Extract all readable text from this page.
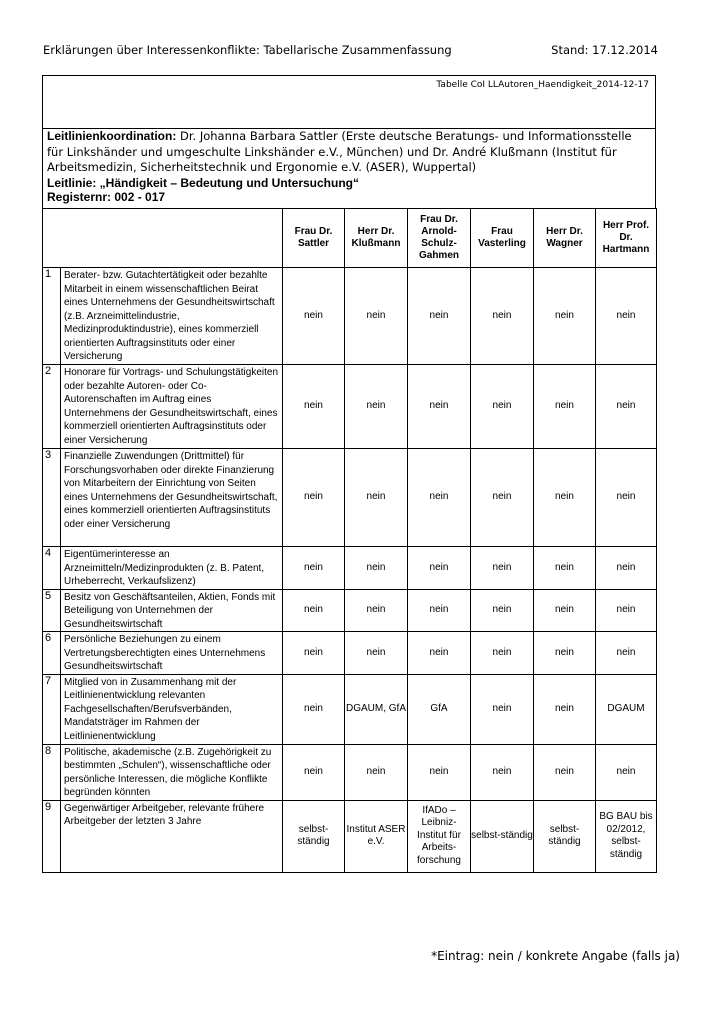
Erklärungen über Interessenkonflikte: Tabellarische Zusammenfassung	Stand: 17.12.2014
Tabelle CoI LLAutoren_Haendigkeit_2014-12-17
Leitlinienkoordination: Dr. Johanna Barbara Sattler (Erste deutsche Beratungs- und Informationsstelle für Linkshänder und umgeschulte Linkshänder e.V., München) und Dr. André Klußmann (Institut für Arbeitsmedizin, Sicherheitstechnik und Ergonomie e.V. (ASER), Wuppertal)
Leitlinie: „Händigkeit – Bedeutung und Untersuchung“
Registernr: 002 - 017
		Frau Dr. Sattler	Herr Dr. Klußmann	Frau Dr. Arnold-Schulz-Gahmen	Frau Vasterling	Herr Dr. Wagner	Herr Prof. Dr. Hartmann
1	Berater- bzw. Gutachtertätigkeit oder bezahlte Mitarbeit in einem wissenschaftlichen Beirat eines Unternehmens der Gesundheitswirtschaft (z.B. Arzneimittelindustrie, Medizinproduktindustrie), eines kommerziell orientierten Auftragsinstituts oder einer Versicherung	nein	nein	nein	nein	nein	nein
2	Honorare für Vortrags- und Schulungstätigkeiten oder bezahlte Autoren- oder Co-Autorenschaften im Auftrag eines Unternehmens der Gesundheitswirtschaft, eines kommerziell orientierten Auftragsinstituts oder einer Versicherung	nein	nein	nein	nein	nein	nein
3	Finanzielle Zuwendungen (Drittmittel) für Forschungsvorhaben oder direkte Finanzierung von Mitarbeitern der Einrichtung von Seiten eines Unternehmens der Gesundheitswirtschaft, eines kommerziell orientierten Auftragsinstituts oder einer Versicherung	nein	nein	nein	nein	nein	nein
4	Eigentümerinteresse an Arzneimitteln/Medizinprodukten (z. B. Patent, Urheberrecht, Verkaufslizenz)	nein	nein	nein	nein	nein	nein
5	Besitz von Geschäftsanteilen, Aktien, Fonds mit Beteiligung von Unternehmen der Gesundheitswirtschaft	nein	nein	nein	nein	nein	nein
6	Persönliche Beziehungen zu einem Vertretungsberechtigten eines Unternehmens Gesundheitswirtschaft	nein	nein	nein	nein	nein	nein
7	Mitglied von in Zusammenhang mit der Leitlinienentwicklung relevanten Fachgesellschaften/Berufsverbänden, Mandatsträger im Rahmen der Leitlinienentwicklung	nein	DGAUM, GfA	GfA	nein	nein	DGAUM
8	Politische, akademische (z.B. Zugehörigkeit zu bestimmten „Schulen“), wissenschaftliche oder persönliche Interessen, die mögliche Konflikte begründen könnten	nein	nein	nein	nein	nein	nein
9	Gegenwärtiger Arbeitgeber, relevante frühere Arbeitgeber der letzten 3 Jahre	selbst-ständig	Institut ASER e.V.	IfADo – Leibniz-Institut für Arbeits-forschung	selbst-ständig	selbst-ständig	BG BAU bis 02/2012, selbst-ständig
*Eintrag: nein / konkrete Angabe (falls ja)
